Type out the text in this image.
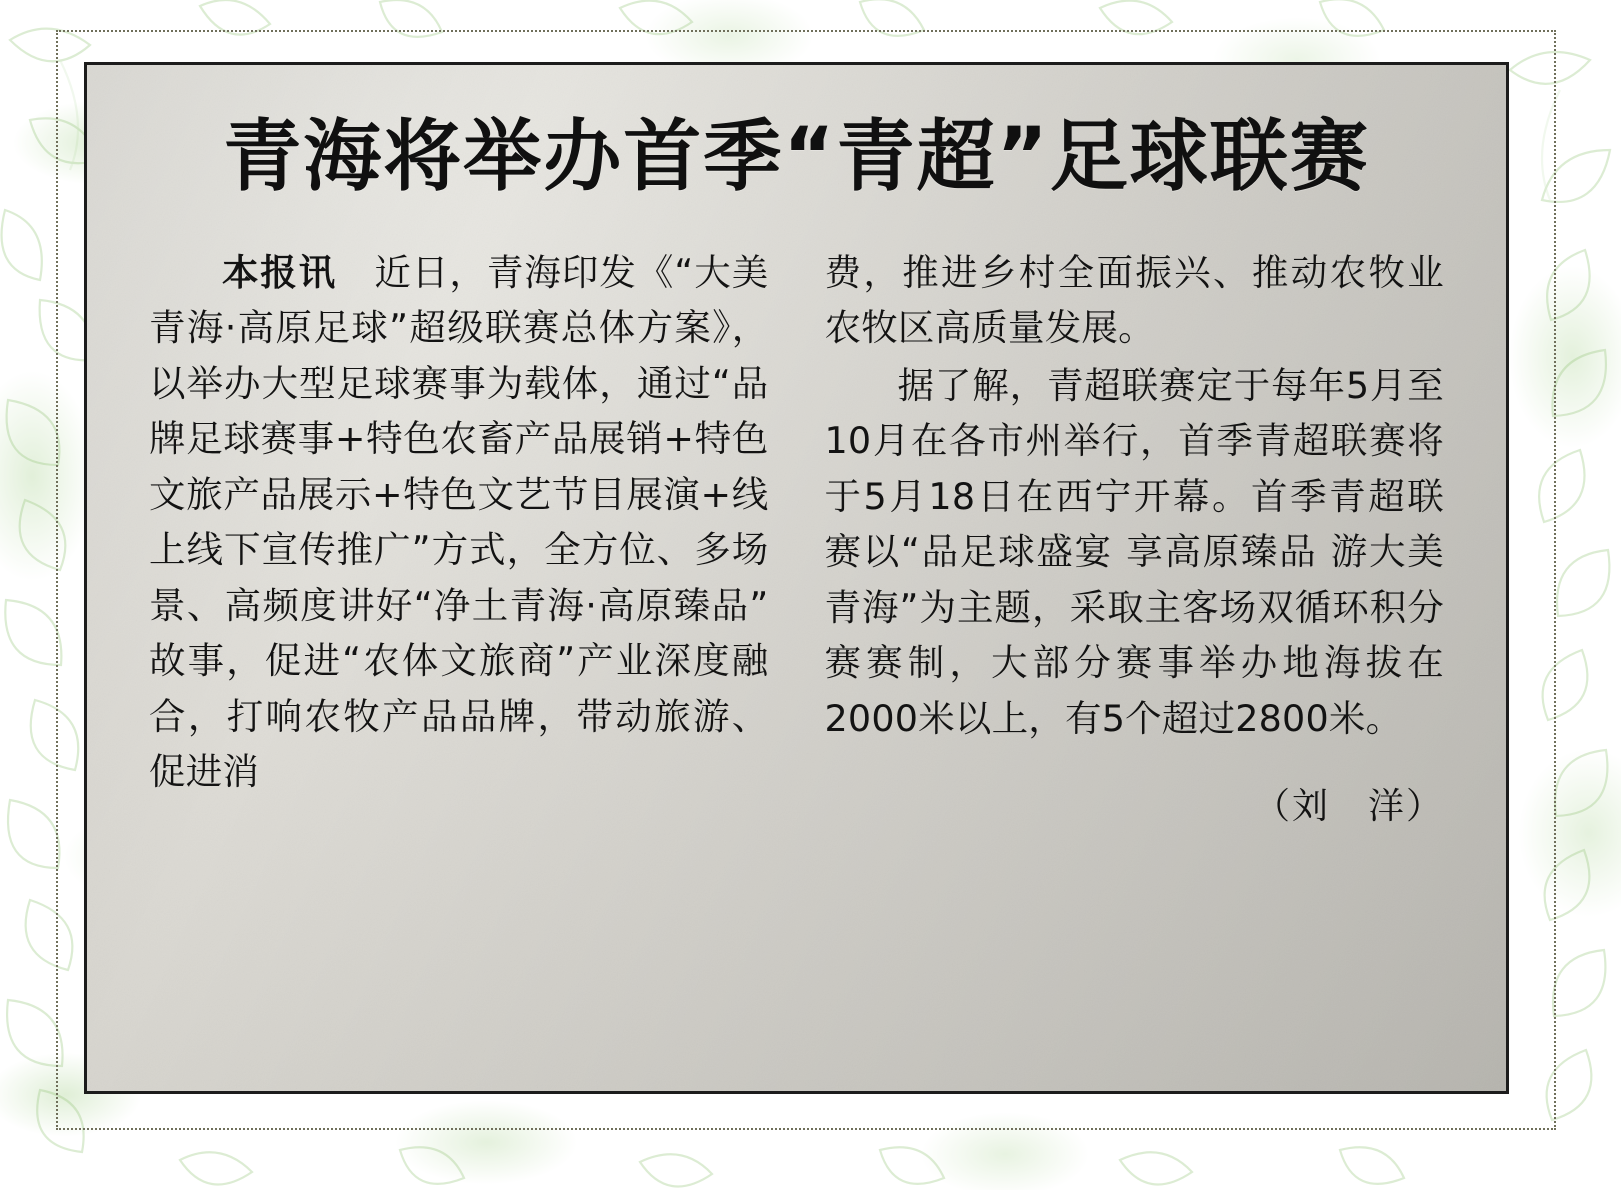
青海将举办首季“青超”足球联赛

本报讯　近日，青海印发《“大美青海·高原足球”超级联赛总体方案》，以举办大型足球赛事为载体，通过“品牌足球赛事+特色农畜产品展销+特色文旅产品展示+特色文艺节目展演+线上线下宣传推广”方式，全方位、多场景、高频度讲好“净土青海·高原臻品”故事，促进“农体文旅商”产业深度融合，打响农牧产品品牌，带动旅游、促进消

费，推进乡村全面振兴、推动农牧业农牧区高质量发展。

据了解，青超联赛定于每年5月至10月在各市州举行，首季青超联赛将于5月18日在西宁开幕。首季青超联赛以“品足球盛宴 享高原臻品 游大美青海”为主题，采取主客场双循环积分赛赛制，大部分赛事举办地海拔在2000米以上，有5个超过2800米。

（刘　洋）
